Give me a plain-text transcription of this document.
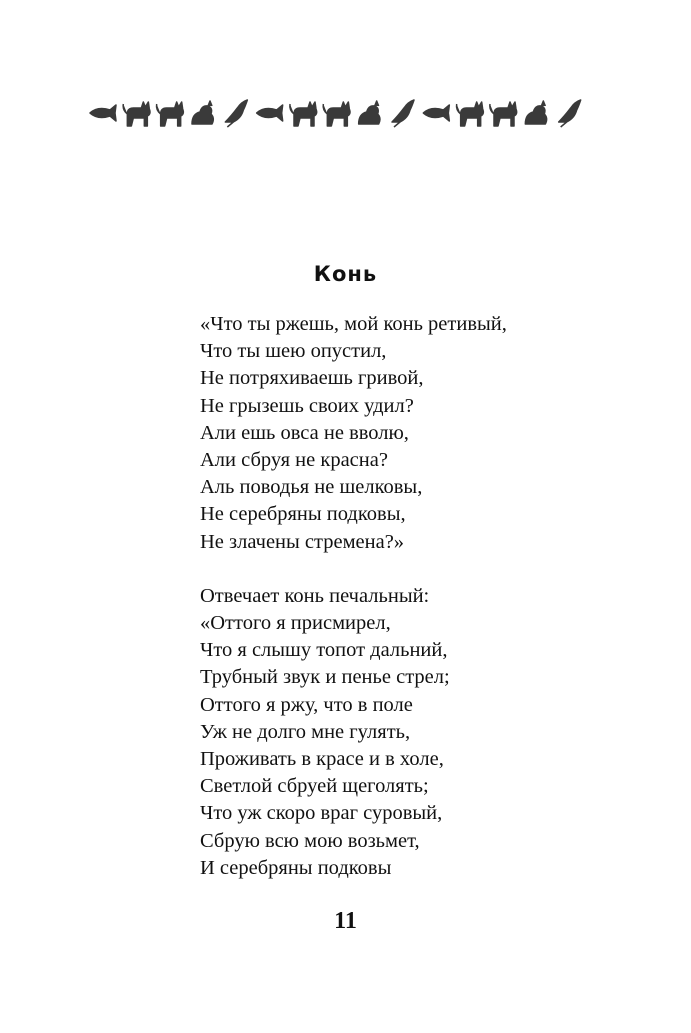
Конь
«Что ты ржешь, мой конь ретивый,
Что ты шею опустил,
Не потряхиваешь гривой,
Не грызешь своих удил?
Али ешь овса не вволю,
Али сбруя не красна?
Аль поводья не шелковы,
Не серебряны подковы,
Не злачены стремена?»
Отвечает конь печальный:
«Оттого я присмирел,
Что я слышу топот дальний,
Трубный звук и пенье стрел;
Оттого я ржу, что в поле
Уж не долго мне гулять,
Проживать в красе и в холе,
Светлой сбруей щеголять;
Что уж скоро враг суровый,
Сбрую всю мою возьмет,
И серебряны подковы
11
